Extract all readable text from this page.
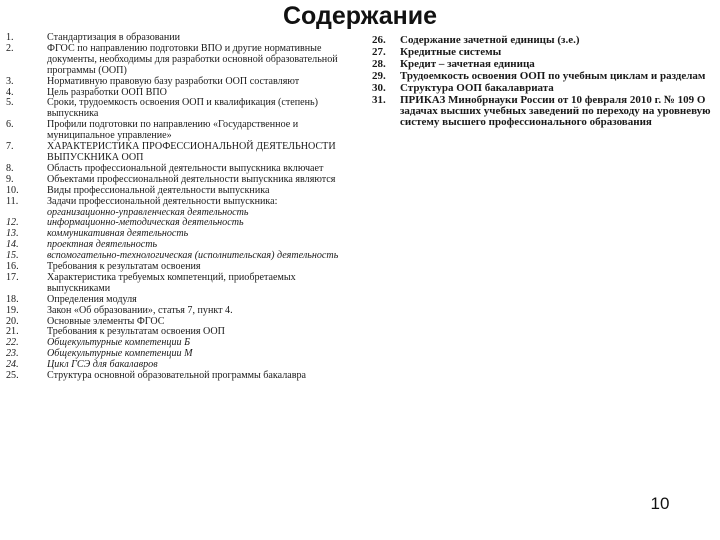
Содержание
1.	Стандартизация в образовании
2.	ФГОС по направлению подготовки ВПО и другие нормативные документы, необходимы для разработки основной образовательной программы (ООП)
3.	Нормативную правовую базу разработки ООП составляют
4.	Цель разработки ООП ВПО
5.	Сроки, трудоемкость освоения ООП и квалификация (степень) выпускника
6.	Профили подготовки по направлению «Государственное и муниципальное управление»
7.	ХАРАКТЕРИСТИКА ПРОФЕССИОНАЛЬНОЙ ДЕЯТЕЛЬНОСТИ ВЫПУСКНИКА ООП
8.	Область профессиональной деятельности выпускника включает
9.	Объектами профессиональной деятельности выпускника являются
10.	Виды профессиональной деятельности выпускника
11.	Задачи профессиональной деятельности выпускника:
организационно-управленческая деятельность
12.	информационно-методическая деятельность
13.	коммуникативная деятельность
14.	проектная деятельность
15.	вспомогательно-технологическая (исполнительская) деятельность
16.	Требования к результатам освоения
17.	Характеристика требуемых компетенций, приобретаемых выпускниками
18.	Определения модуля
19.	Закон «Об образовании», статья 7, пункт 4.
20.	Основные элементы ФГОС
21.	Требования к результатам освоения ООП
22.	Общекультурные компетенции Б
23.	Общекультурные компетенции М
24.	Цикл ГСЭ для бакалавров
25.	Структура основной образовательной программы бакалавра
26.	Содержание зачетной единицы (з.е.)
27.	Кредитные системы
28.	Кредит – зачетная единица
29.	Трудоемкость освоения ООП по учебным циклам и разделам
30.	Структура ООП бакалавриата
31.	ПРИКАЗ Минобрнауки России от 10 февраля 2010 г. № 109 О задачах высших учебных заведений по переходу на уровневую систему высшего профессионального образования
10
